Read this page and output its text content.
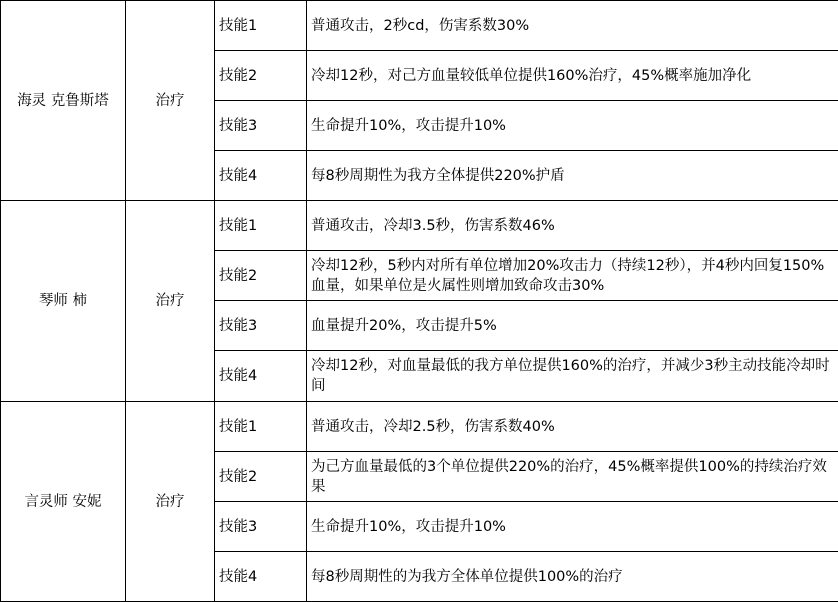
海灵 克鲁斯塔	治疗	技能1	普通攻击，2秒cd，伤害系数30%
		技能2	冷却12秒，对己方血量较低单位提供160%治疗，45%概率施加净化
		技能3	生命提升10%，攻击提升10%
		技能4	每8秒周期性为我方全体提供220%护盾
琴师 柿	治疗	技能1	普通攻击，冷却3.5秒，伤害系数46%
		技能2	冷却12秒，5秒内对所有单位增加20%攻击力（持续12秒），并4秒内回复150%血量，如果单位是火属性则增加致命攻击30%
		技能3	血量提升20%，攻击提升5%
		技能4	冷却12秒，对血量最低的我方单位提供160%的治疗，并减少3秒主动技能冷却时间
言灵师 安妮	治疗	技能1	普通攻击，冷却2.5秒，伤害系数40%
		技能2	为己方血量最低的3个单位提供220%的治疗，45%概率提供100%的持续治疗效果
		技能3	生命提升10%，攻击提升10%
		技能4	每8秒周期性的为我方全体单位提供100%的治疗
